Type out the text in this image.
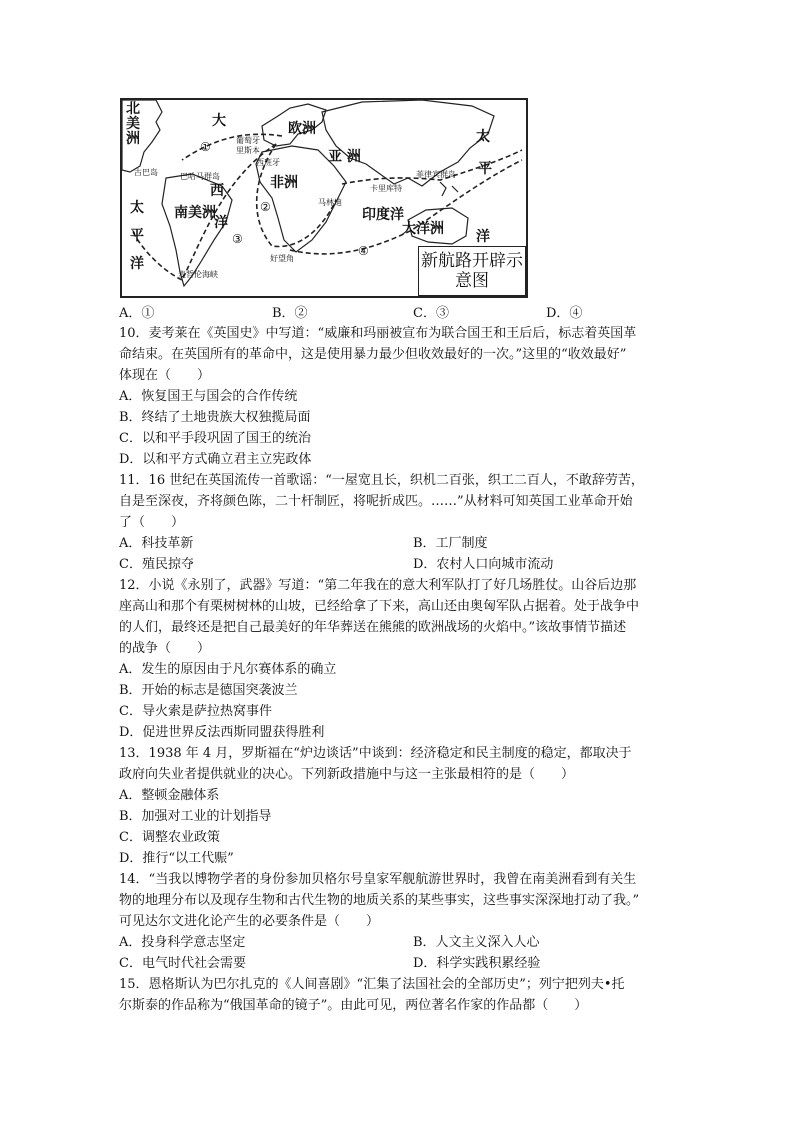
北美洲
大	欧洲
葡萄牙
里斯本
西班牙	亚 洲
太
平
古巴岛	巴哈马群岛	非洲	卡里库特
菲律宾群岛
西
南美洲
马林迪
印度洋
太平洋
洋	大洋洲 洋
好望角
麦哲伦海峡
①
②
③
④	新航路开辟示意图
A．①	B．②	C．③	D．④
10．麦考莱在《英国史》中写道：“威廉和玛丽被宣布为联合国王和王后后，标志着英国革
命结束。在英国所有的革命中，这是使用暴力最少但收效最好的一次。”这里的“收效最好”
体现在（　　）
A．恢复国王与国会的合作传统
B．终结了土地贵族大权独揽局面
C．以和平手段巩固了国王的统治
D．以和平方式确立君主立宪政体
11．16 世纪在英国流传一首歌谣：“一屋宽且长，织机二百张，织工二百人，不敢辞劳苦，
自是至深夜，齐将颜色陈，二十杆制匠，将呢折成匹。……”从材料可知英国工业革命开始
了（　　）
A．科技革新	B．工厂制度
C．殖民掠夺	D．农村人口向城市流动
12．小说《永别了，武器》写道：“第二年我在的意大利军队打了好几场胜仗。山谷后边那
座高山和那个有栗树树林的山坡，已经给拿了下来，高山还由奥匈军队占据着。处于战争中
的人们，最终还是把自己最美好的年华葬送在熊熊的欧洲战场的火焰中。”该故事情节描述
的战争（　　）
A．发生的原因由于凡尔赛体系的确立
B．开始的标志是德国突袭波兰
C．导火索是萨拉热窝事件
D．促进世界反法西斯同盟获得胜利
13．1938 年 4 月，罗斯福在“炉边谈话”中谈到：经济稳定和民主制度的稳定，都取决于
政府向失业者提供就业的决心。下列新政措施中与这一主张最相符的是（　　）
A．整顿金融体系
B．加强对工业的计划指导
C．调整农业政策
D．推行“以工代赈”
14．“当我以博物学者的身份参加贝格尔号皇家军舰航游世界时，我曾在南美洲看到有关生
物的地理分布以及现存生物和古代生物的地质关系的某些事实，这些事实深深地打动了我。”
可见达尔文进化论产生的必要条件是（　　）
A．投身科学意志坚定	B．人文主义深入人心
C．电气时代社会需要	D．科学实践积累经验
15．恩格斯认为巴尔扎克的《人间喜剧》“汇集了法国社会的全部历史”；列宁把列夫•托
尔斯泰的作品称为“俄国革命的镜子”。由此可见，两位著名作家的作品都（　　）
